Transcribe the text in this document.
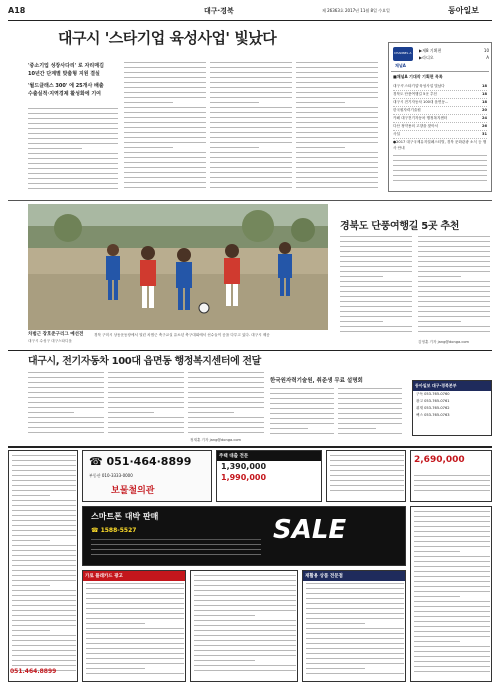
A18	대구·경북	제 26363호 2017년 11월 8일 수요일	동아일보
대구시 '스타기업 육성사업' 빛났다
'중소기업 성장사다리' 로 자리매김
10년간 단계별 맞춤형 지원 결실
'월드클래스 300' 에 25개사 배출
수출실적·지역경제 활성화에 기여
CHANNEL A
채널A
▶제8 기획편	10
▶라디오	A
■채널A 기대작 기획편 목록
대구시'스타기업'육성사업 빛났다	18
경북도 단풍여행길 5곳 추천	18
대구시 전기자동차 100대 읍면동...	18
한국원자력기술원	20
카페 대구전기자동차 행정복지센터	24
다산 정약용의 고향을 찾아서	26
사설	31
●2017 대구국제뮤지컬페스티벌, 경북 문화관광 소식 등 행사 안내
차범근 장호준구리그 예선전
대구시 수성구 대구스타디움
경북 구미시 상동운동장에서 열린 차범근 축구교실 유소년 축구대회에서 선수들이 공을 다투고 있다. 대구시 제공
경북도 단풍여행길 5곳 추천
김영훈 기자 jang@donga.com
대구시, 전기자동차 100대 읍면동 행정복지센터에 전달
정재훈 기자 jang@donga.com
한국원자력기술원, 취준생 무료 설명회
동아일보 대구·경북본부
구독 053-765-0760
광고 053-765-0761
취재 053-765-0762
팩스 053-765-0763
☎ 051·464·8899
부동산 010-3333-0000
보물철의관
주택 대출 전문
1,390,000
1,990,000
2,690,000
스마트폰 대박 판매	SALE
☎ 1588-5527
가로 플래카드 광고	재활용 상품 전문점
051.464.8899
